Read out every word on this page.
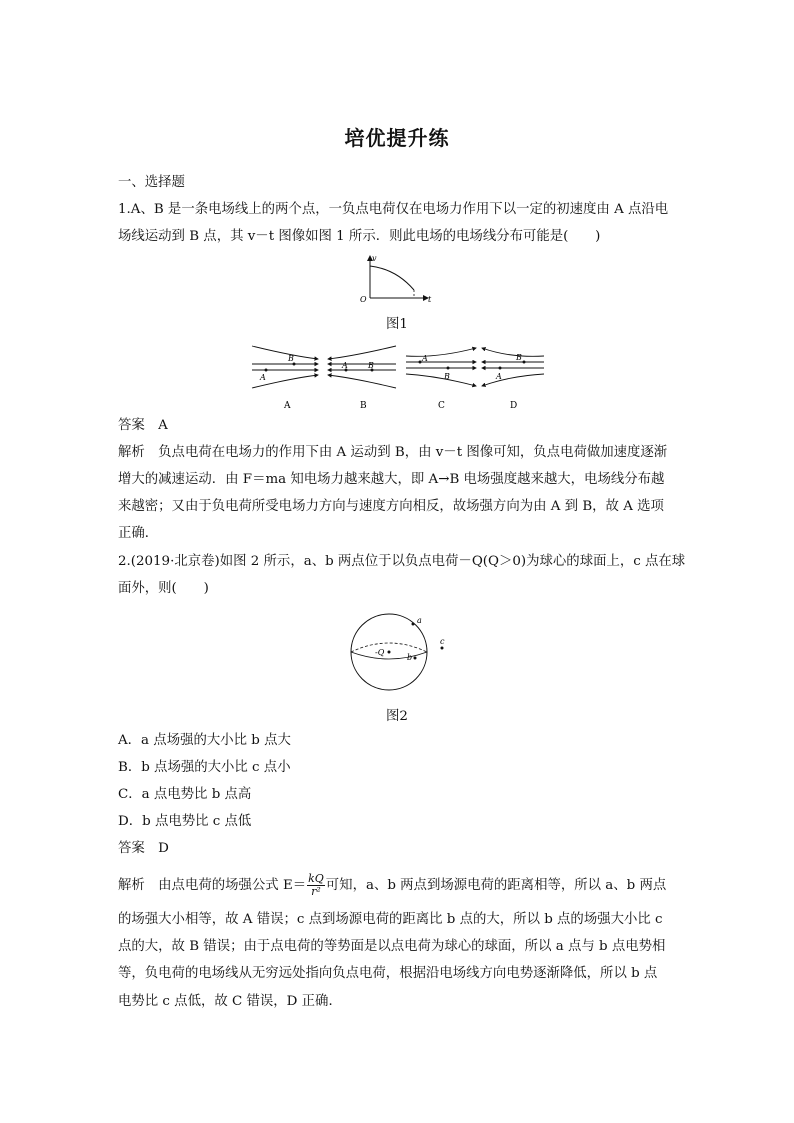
培优提升练
一、选择题
1.A、B 是一条电场线上的两个点，一负点电荷仅在电场力作用下以一定的初速度由 A 点沿电
场线运动到 B 点，其 v－t 图像如图 1 所示．则此电场的电场线分布可能是(　　)
v
O	t
图1
B
A
A
A	B
B
A
B
C
B
A
D
答案　A
解析　负点电荷在电场力的作用下由 A 运动到 B，由 v－t 图像可知，负点电荷做加速度逐渐
增大的减速运动．由 F＝ma 知电场力越来越大，即 A→B 电场强度越来越大，电场线分布越
来越密；又由于负电荷所受电场力方向与速度方向相反，故场强方向为由 A 到 B，故 A 选项
正确．
2.(2019·北京卷)如图 2 所示，a、b 两点位于以负点电荷－Q(Q＞0)为球心的球面上，c 点在球
面外，则(　　)
a
-Q
b
c
图2
A．a 点场强的大小比 b 点大
B．b 点场强的大小比 c 点小
C．a 点电势比 b 点高
D．b 点电势比 c 点低
答案　D
解析　由点电荷的场强公式 $E= \frac{kQ}{\text{r²}}$ 可知，a、b 两点到场源电荷的距离相等，所以 a、b 两点
的场强大小相等，故 A 错误；c 点到场源电荷的距离比 b 点的大，所以 b 点的场强大小比 c
点的大，故 B 错误；由于点电荷的等势面是以点电荷为球心的球面，所以 a 点与 b 点电势相
等，负电荷的电场线从无穷远处指向负点电荷，根据沿电场线方向电势逐渐降低，所以 b 点
电势比 c 点低，故 C 错误，D 正确．
